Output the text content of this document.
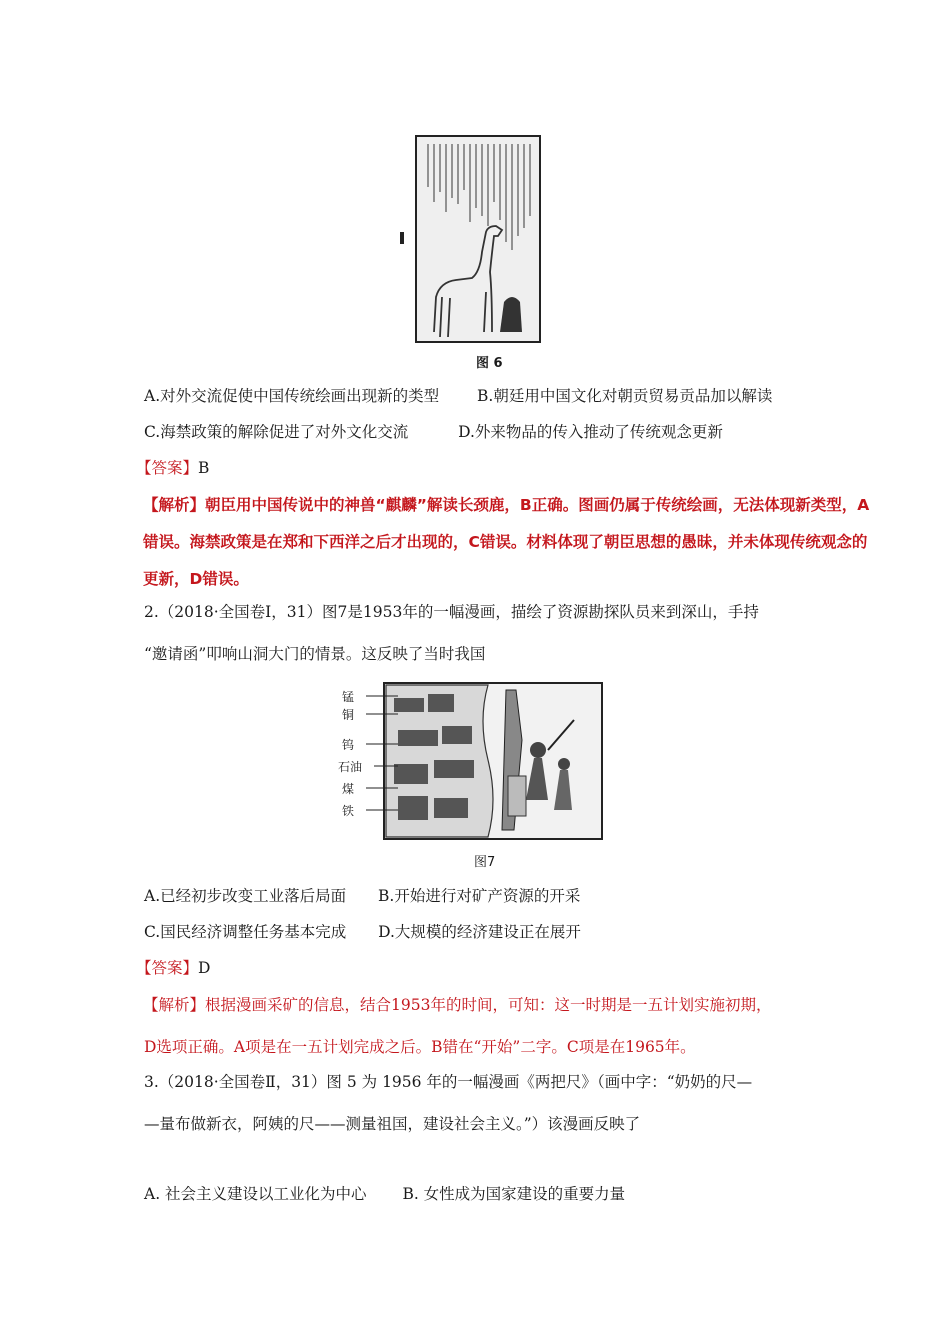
图 6
A.对外交流促使中国传统绘画出现新的类型 B.朝廷用中国文化对朝贡贸易贡品加以解读
C.海禁政策的解除促进了对外文化交流	D.外来物品的传入推动了传统观念更新
【答案】B
【解析】朝臣用中国传说中的神兽“麒麟”解读长颈鹿，B正确。图画仍属于传统绘画，无法体现新类型，A
错误。海禁政策是在郑和下西洋之后才出现的，C错误。材料体现了朝臣思想的愚昧，并未体现传统观念的
更新，D错误。
2.（2018·全国卷Ⅰ，31）图7是1953年的一幅漫画，描绘了资源勘探队员来到深山，手持
“邀请函”叩响山洞大门的情景。这反映了当时我国
锰
铜
钨
石油
煤
铁
图7
A.已经初步改变工业落后局面 B.开始进行对矿产资源的开采
C.国民经济调整任务基本完成 D.大规模的经济建设正在展开
【答案】D
【解析】根据漫画采矿的信息，结合1953年的时间，可知：这一时期是一五计划实施初期，
D选项正确。A项是在一五计划完成之后。B错在“开始”二字。C项是在1965年。
3.（2018·全国卷Ⅱ，31）图 5 为 1956 年的一幅漫画《两把尺》（画中字：“奶奶的尺—
—量布做新衣，阿姨的尺——测量祖国，建设社会主义。”）该漫画反映了
A. 社会主义建设以工业化为中心 B. 女性成为国家建设的重要力量
